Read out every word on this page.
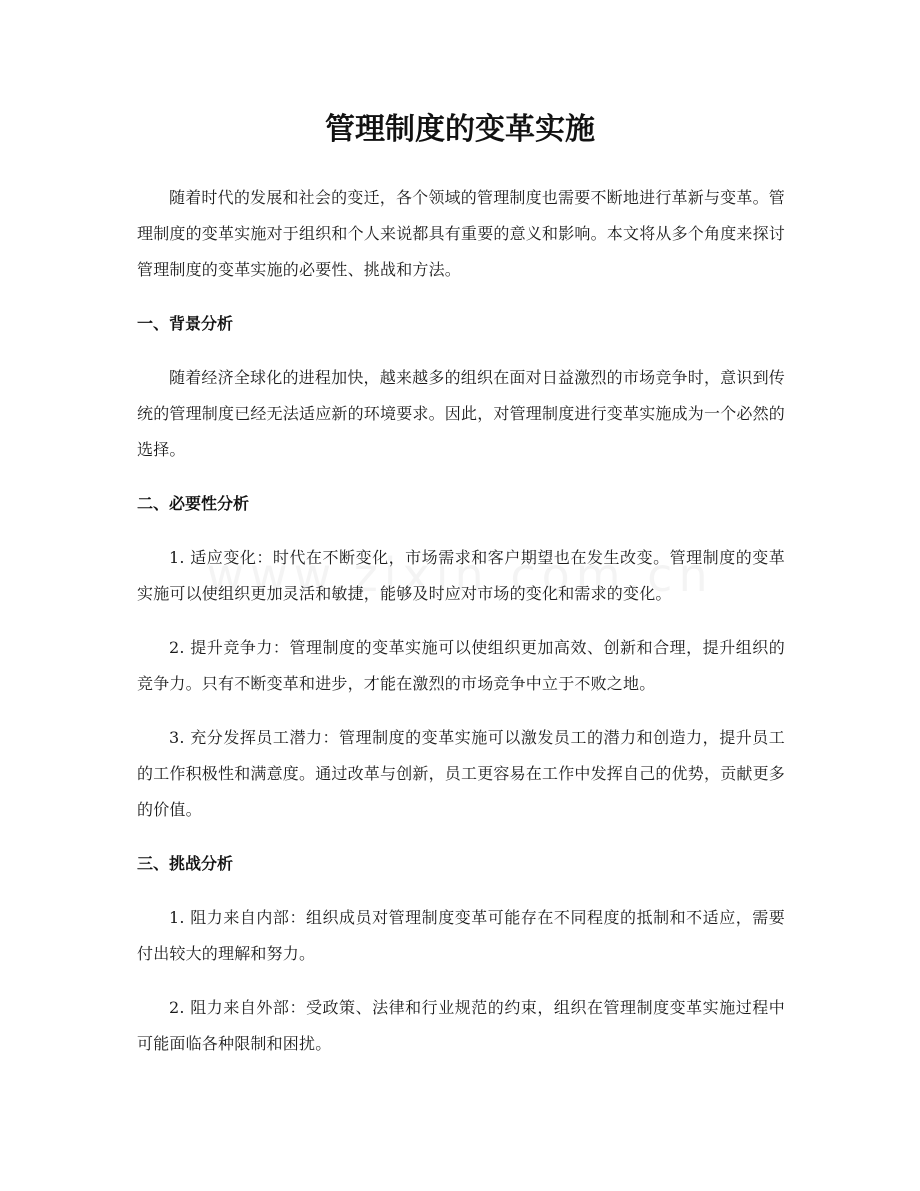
管理制度的变革实施

随着时代的发展和社会的变迁，各个领域的管理制度也需要不断地进行革新与变革。管理制度的变革实施对于组织和个人来说都具有重要的意义和影响。本文将从多个角度来探讨管理制度的变革实施的必要性、挑战和方法。

一、背景分析

随着经济全球化的进程加快，越来越多的组织在面对日益激烈的市场竞争时，意识到传统的管理制度已经无法适应新的环境要求。因此，对管理制度进行变革实施成为一个必然的选择。

二、必要性分析

1. 适应变化：时代在不断变化，市场需求和客户期望也在发生改变。管理制度的变革实施可以使组织更加灵活和敏捷，能够及时应对市场的变化和需求的变化。

2. 提升竞争力：管理制度的变革实施可以使组织更加高效、创新和合理，提升组织的竞争力。只有不断变革和进步，才能在激烈的市场竞争中立于不败之地。

3. 充分发挥员工潜力：管理制度的变革实施可以激发员工的潜力和创造力，提升员工的工作积极性和满意度。通过改革与创新，员工更容易在工作中发挥自己的优势，贡献更多的价值。

三、挑战分析

1. 阻力来自内部：组织成员对管理制度变革可能存在不同程度的抵制和不适应，需要付出较大的理解和努力。

2. 阻力来自外部：受政策、法律和行业规范的约束，组织在管理制度变革实施过程中可能面临各种限制和困扰。
